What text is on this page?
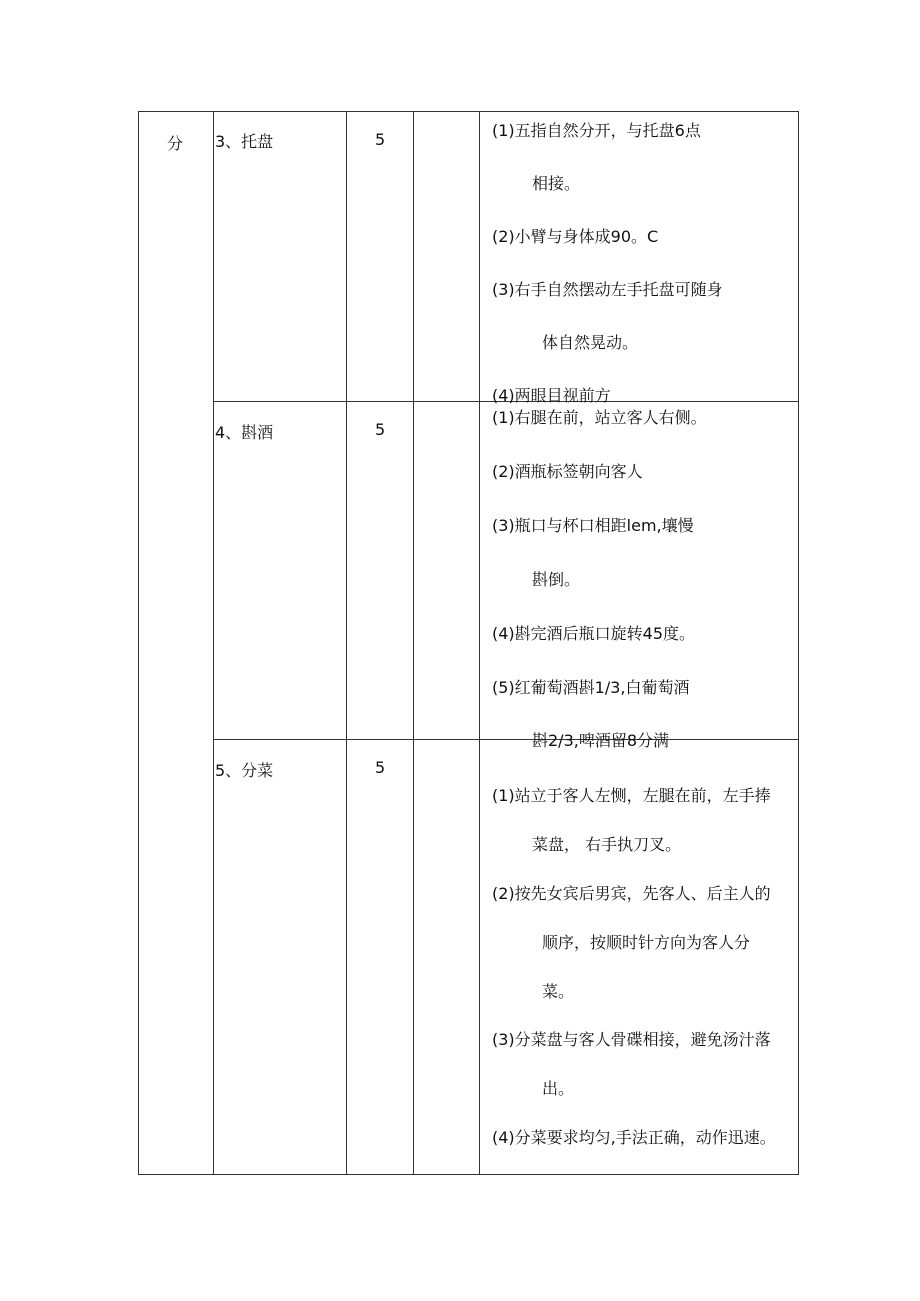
分 3、托盘	5	(1)五指自然分开，与托盘6点
相接。
(2)小臂与身体成90。C
(3)右手自然摆动左手托盘可随身
体自然晃动。
(4)两眼目视前方
4、斟酒	5
(1)右腿在前，站立客人右侧。
(2)酒瓶标签朝向客人
(3)瓶口与杯口相距lem,壤慢
斟倒。
(4)斟完酒后瓶口旋转45度。
(5)红葡萄酒斟1/3,白葡萄酒
斟2/3,啤酒留8分满
5、分菜	5
(1)站立于客人左恻，左腿在前，左手捧
菜盘， 右手执刀叉。
(2)按先女宾后男宾，先客人、后主人的
顺序，按顺时针方向为客人分
菜。
(3)分菜盘与客人骨碟相接，避免汤汁落
出。
(4)分菜要求均匀,手法正确，动作迅速。
